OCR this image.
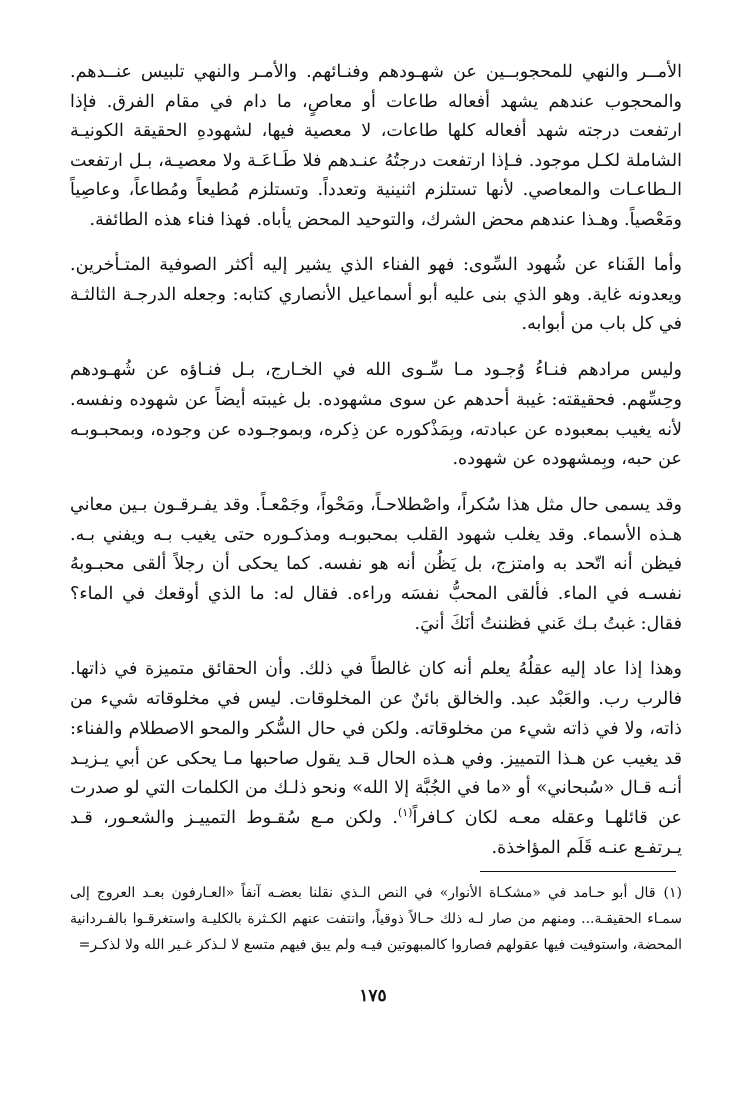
الأمــر والنهي للمحجوبــين عن شهـودهم وفنـائهم. والأمـر والنهي تلبيس عنــدهم. والمحجوب عندهم يشهد أفعاله طاعات أو معاصٍ، ما دام في مقام الفرق. فإذا ارتفعت درجته شهد أفعاله كلها طاعات، لا معصية فيها، لشهودهِ الحقيقة الكونيـة الشاملة لكـل موجود. فـإذا ارتفعت درجتُهُ عنـدهم فلا طَـاعَـة ولا معصيـة، بـل ارتفعت الـطاعـات والمعاصي. لأنها تستلزم اثنينية وتعدداً. وتستلزم مُطيعاً ومُطاعاً، وعاصِياً ومَعْصياً. وهـذا عندهم محض الشرك، والتوحيد المحض يأباه. فهذا فناء هذه الطائفة.

وأما الفَناء عن شُهود السِّوى: فهو الفناء الذي يشير إليه أكثر الصوفية المتـأخرين. ويعدونه غاية. وهو الذي بنى عليه أبو أسماعيل الأنصاري كتابه: وجعله الدرجـة الثالثـة في كل باب من أبوابه.

وليس مرادهم فنـاءُ وُجـود مـا سِّـوى الله في الخـارج، بـل فنـاؤه عن شُهـودهم وحِسِّهم. فحقيقته: غيبة أحدهم عن سوى مشهوده. بل غيبته أيضاً عن شهوده ونفسه. لأنه يغيب بمعبوده عن عبادته، وبِمَذْكوره عن ذِكره، وبموجـوده عن وجوده، وبمحبـوبـه عن حبه، وبِمشهوده عن شهوده.

وقد يسمى حال مثل هذا سُكراً، واصْطلاحـاً، ومَحْواً، وجَمْعـاً. وقد يفـرقـون بـين معاني هـذه الأسماء. وقد يغلب شهود القلب بمحبوبـه ومذكـوره حتى يغيب بـه ويفني بـه. فيظن أنه اتّحد به وامتزج، بل يَظُن أنه هو نفسه. كما يحكى أن رجلاً ألقى محبـوبهُ نفسـه في الماء. فألقى المحبُّ نفسَه وراءه. فقال له: ما الذي أوقعك في الماء؟ فقال: غبتُ بـك عَني فظننتُ أنَكَ أنيَ.

وهذا إذا عاد إليه عقلُهُ يعلم أنه كان غالطاً في ذلك. وأن الحقائق متميزة في ذاتها. فالرب رب. والعَبْد عبد. والخالق بائنٌ عن المخلوقات. ليس في مخلوقاته شيء من ذاته، ولا في ذاته شيء من مخلوقاته. ولكن في حال السُّكر والمحو الاصطلام والفناء: قد يغيب عن هـذا التمييز. وفي هـذه الحال قـد يقول صاحبها مـا يحكى عن أبي يـزيـد أنـه قـال «سُبحاني» أو «ما في الجُبَّة إلا الله» ونحو ذلـك من الكلمات التي لو صدرت عن قائلهـا وعقله معـه لكان كـافراً$^{(١)}$. ولكن مـع سُقـوط التمييـز والشعـور، قـد يـرتفـع عنـه قَلَم المؤاخذة.

(١)قال أبو حـامد في «مشكـاة الأنوار» في النص الـذي نقلنا بعضـه آنفاً «العـارفون بعـد العروج إلى سمـاء الحقيقـة... ومنهم من صار لـه ذلك حـالاً ذوقياً، وانتفت عنهم الكـثرة بالكليـة واستغرقـوا بالفـردانية المحضة، واستوفيت فيها عقولهم فصاروا كالمبهوتين فيـه ولم يبق فيهم متسع لا لـذكر غـير الله ولا لذكـر=

١٧٥
